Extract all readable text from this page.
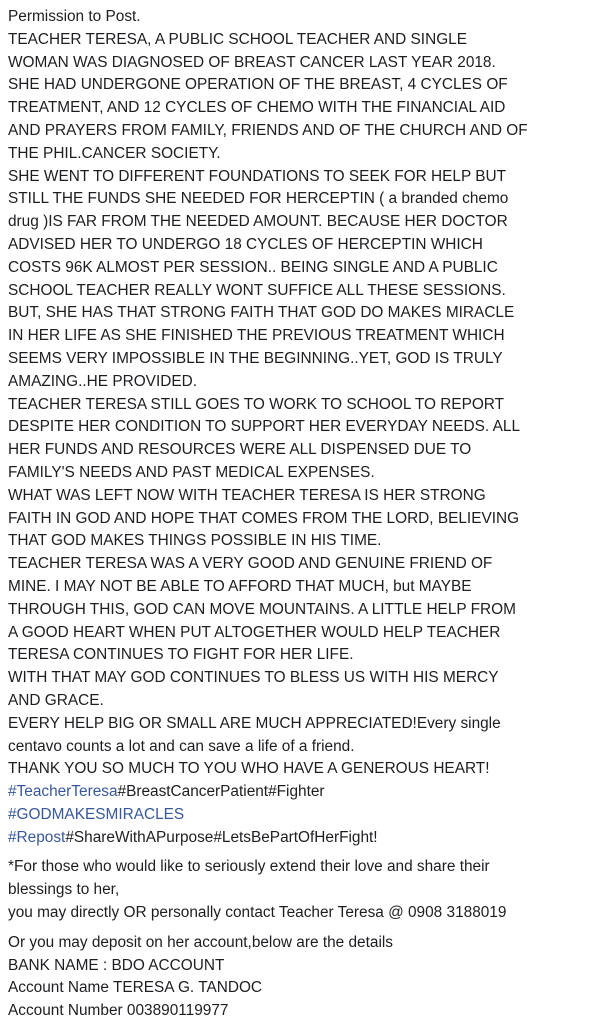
Permission to Post.

TEACHER TERESA, A PUBLIC SCHOOL TEACHER AND SINGLE
WOMAN WAS DIAGNOSED OF BREAST CANCER LAST YEAR 2018.
SHE HAD UNDERGONE OPERATION OF THE BREAST, 4 CYCLES OF
TREATMENT, AND 12 CYCLES OF CHEMO WITH THE FINANCIAL AID
AND PRAYERS FROM FAMILY, FRIENDS AND OF THE CHURCH AND OF
THE PHIL.CANCER SOCIETY.

SHE WENT TO DIFFERENT FOUNDATIONS TO SEEK FOR HELP BUT
STILL THE FUNDS SHE NEEDED FOR HERCEPTIN ( a branded chemo
drug )IS FAR FROM THE NEEDED AMOUNT. BECAUSE HER DOCTOR
ADVISED HER TO UNDERGO 18 CYCLES OF HERCEPTIN WHICH
COSTS 96K ALMOST PER SESSION.. BEING SINGLE AND A PUBLIC
SCHOOL TEACHER REALLY WONT SUFFICE ALL THESE SESSIONS.
BUT, SHE HAS THAT STRONG FAITH THAT GOD DO MAKES MIRACLE
IN HER LIFE AS SHE FINISHED THE PREVIOUS TREATMENT WHICH
SEEMS VERY IMPOSSIBLE IN THE BEGINNING..YET, GOD IS TRULY
AMAZING..HE PROVIDED.

TEACHER TERESA STILL GOES TO WORK TO SCHOOL TO REPORT
DESPITE HER CONDITION TO SUPPORT HER EVERYDAY NEEDS. ALL
HER FUNDS AND RESOURCES WERE ALL DISPENSED DUE TO
FAMILY'S NEEDS AND PAST MEDICAL EXPENSES.

WHAT WAS LEFT NOW WITH TEACHER TERESA IS HER STRONG
FAITH IN GOD AND HOPE THAT COMES FROM THE LORD, BELIEVING
THAT GOD MAKES THINGS POSSIBLE IN HIS TIME.

TEACHER TERESA WAS A VERY GOOD AND GENUINE FRIEND OF
MINE. I MAY NOT BE ABLE TO AFFORD THAT MUCH, but MAYBE
THROUGH THIS, GOD CAN MOVE MOUNTAINS. A LITTLE HELP FROM
A GOOD HEART WHEN PUT ALTOGETHER WOULD HELP TEACHER
TERESA CONTINUES TO FIGHT FOR HER LIFE.

WITH THAT MAY GOD CONTINUES TO BLESS US WITH HIS MERCY
AND GRACE.

EVERY HELP BIG OR SMALL ARE MUCH APPRECIATED!Every single
centavo counts a lot and can save a life of a friend.

THANK YOU SO MUCH TO YOU WHO HAVE A GENEROUS HEART!

#TeacherTeresa#BreastCancerPatient#Fighter

#GODMAKESMIRACLES

#Repost#ShareWithAPurpose#LetsBePartOfHerFight!

*For those who would like to seriously extend their love and share their
blessings to her,
you may directly OR personally contact Teacher Teresa @ 0908 3188019

Or you may deposit on her account,below are the details

BANK NAME : BDO ACCOUNT

Account Name TERESA G. TANDOC

Account Number 003890119977
